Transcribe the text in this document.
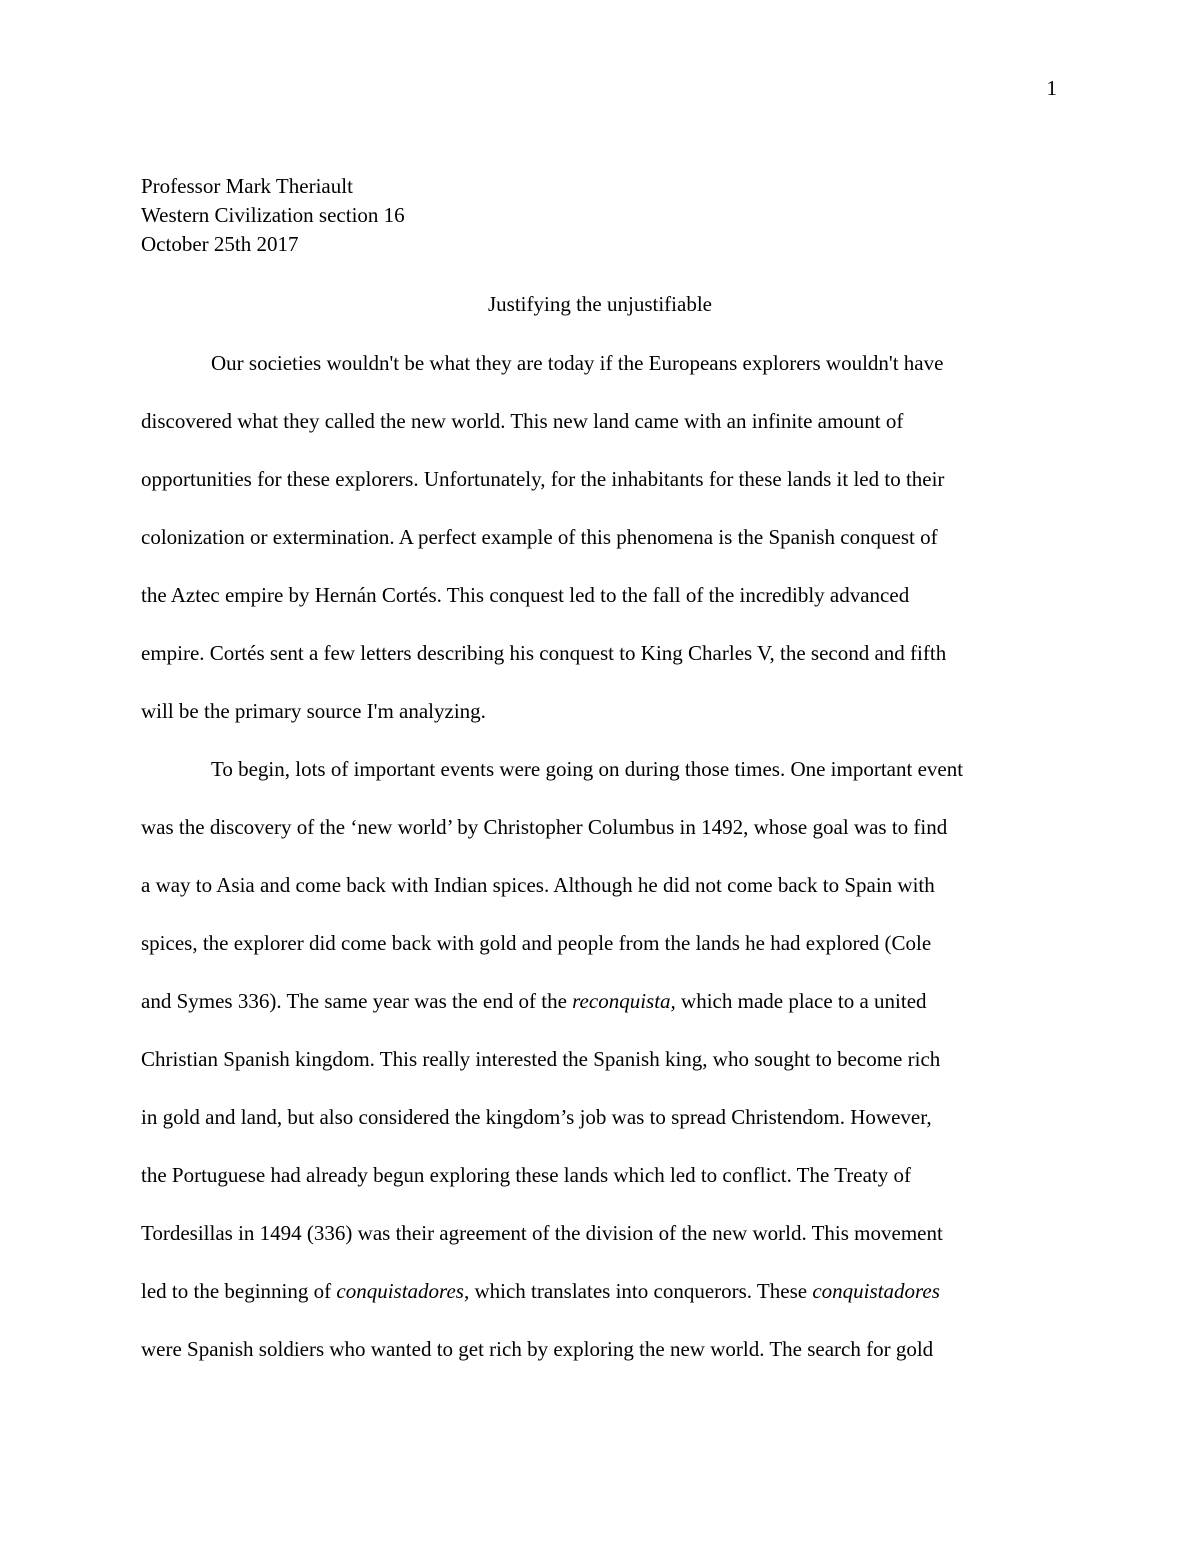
1
Professor Mark Theriault
Western Civilization section 16
October 25th 2017
Justifying the unjustifiable
Our societies wouldn't be what they are today if the Europeans explorers wouldn't have
discovered what they called the new world. This new land came with an infinite amount of
opportunities for these explorers. Unfortunately, for the inhabitants for these lands it led to their
colonization or extermination. A perfect example of this phenomena is the Spanish conquest of
the Aztec empire by Hernán Cortés. This conquest led to the fall of the incredibly advanced
empire. Cortés sent a few letters describing his conquest to King Charles V, the second and fifth
will be the primary source I'm analyzing.
To begin, lots of important events were going on during those times. One important event
was the discovery of the ‘new world’ by Christopher Columbus in 1492, whose goal was to find
a way to Asia and come back with Indian spices. Although he did not come back to Spain with
spices, the explorer did come back with gold and people from the lands he had explored (Cole
and Symes 336). The same year was the end of the reconquista, which made place to a united
Christian Spanish kingdom. This really interested the Spanish king, who sought to become rich
in gold and land, but also considered the kingdom’s job was to spread Christendom. However,
the Portuguese had already begun exploring these lands which led to conflict. The Treaty of
Tordesillas in 1494 (336) was their agreement of the division of the new world. This movement
led to the beginning of conquistadores, which translates into conquerors. These conquistadores
were Spanish soldiers who wanted to get rich by exploring the new world. The search for gold
